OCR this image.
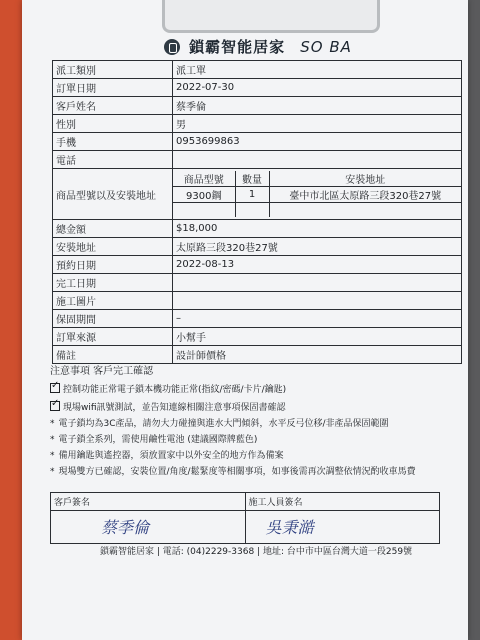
鎖霸智能居家 SO BA
派工類別	派工單
訂單日期	2022-07-30
客戶姓名	蔡季倫
性別	男
手機	0953699863
電話	
商品型號以及安裝地址	
商品型號	數量	安裝地址
9300鋼	1	臺中市北區太原路三段320巷27號

總金額	$18,000
安裝地址	太原路三段320巷27號
預約日期	2022-08-13
完工日期	
施工圖片	
保固期間	–
訂單來源	小幫手
備註	設計師價格
注意事項 客戶完工確認
✓控制功能正常電子鎖本機功能正常(指紋/密碼/卡片/鑰匙)
✓現場wifi訊號測試，並告知連線相關注意事項保固書確認
* 電子鎖均為3C產品，請勿大力碰撞與進水大門傾斜，水平反弓位移/非產品保固範圍
* 電子鎖全系列，需使用鹼性電池 (建議國際牌藍色)
* 備用鑰匙與遙控器，須放置家中以外安全的地方作為備案
* 現場雙方已確認，安裝位置/角度/鬆緊度等相關事項，如事後需再次調整依情況酌收車馬費
客戶簽名	施工人員簽名

蔡季倫	吳秉澔
鎖霸智能居家 | 電話: (04)2229-3368 | 地址: 台中市中區台灣大道一段259號
